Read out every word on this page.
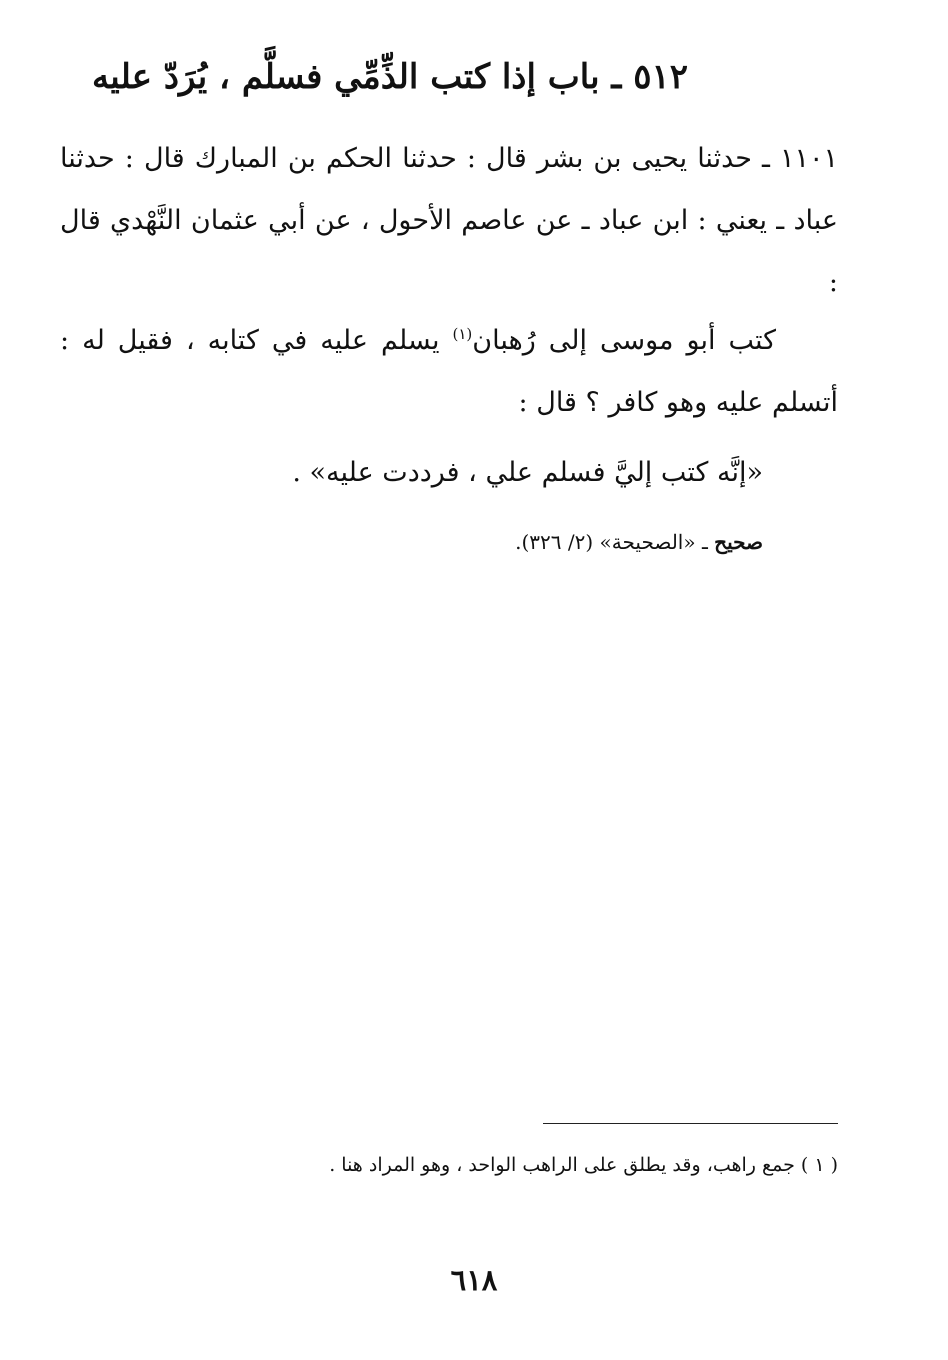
٥١٢ ـ باب إذا كتب الذِّمِّي فسلَّم ، يُرَدّ عليه
١١٠١ ـ حدثنا يحيى بن بشر قال : حدثنا الحكم بن المبارك قال : حدثنا عباد ـ يعني : ابن عباد ـ عن عاصم الأحول ، عن أبي عثمان النَّهْدي قال :
كتب أبو موسى إلى رُهبان$^{(١)}$ يسلم عليه في كتابه ، فقيل له : أتسلم عليه وهو كافر ؟ قال :
«إنَّه كتب إليَّ فسلم علي ، فرددت عليه» .
صحيح ـ «الصحيحة» (٢/ ٣٢٦).
( ١ ) جمع راهب، وقد يطلق على الراهب الواحد ، وهو المراد هنا .
٦١٨
